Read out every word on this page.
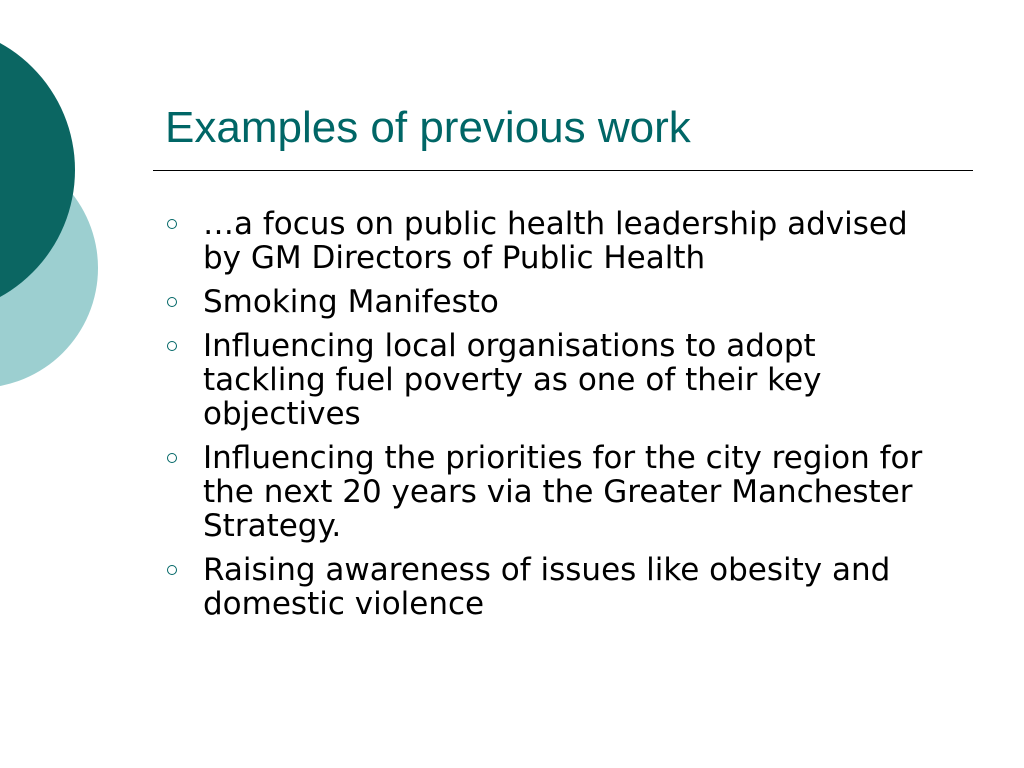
Examples of previous work
…a focus on public health leadership advised by GM Directors of Public Health
Smoking Manifesto
Influencing local organisations to adopt tackling fuel poverty as one of their key objectives
Influencing the priorities for the city region for the next 20 years via the Greater Manchester Strategy.
Raising awareness of issues like obesity and domestic violence
